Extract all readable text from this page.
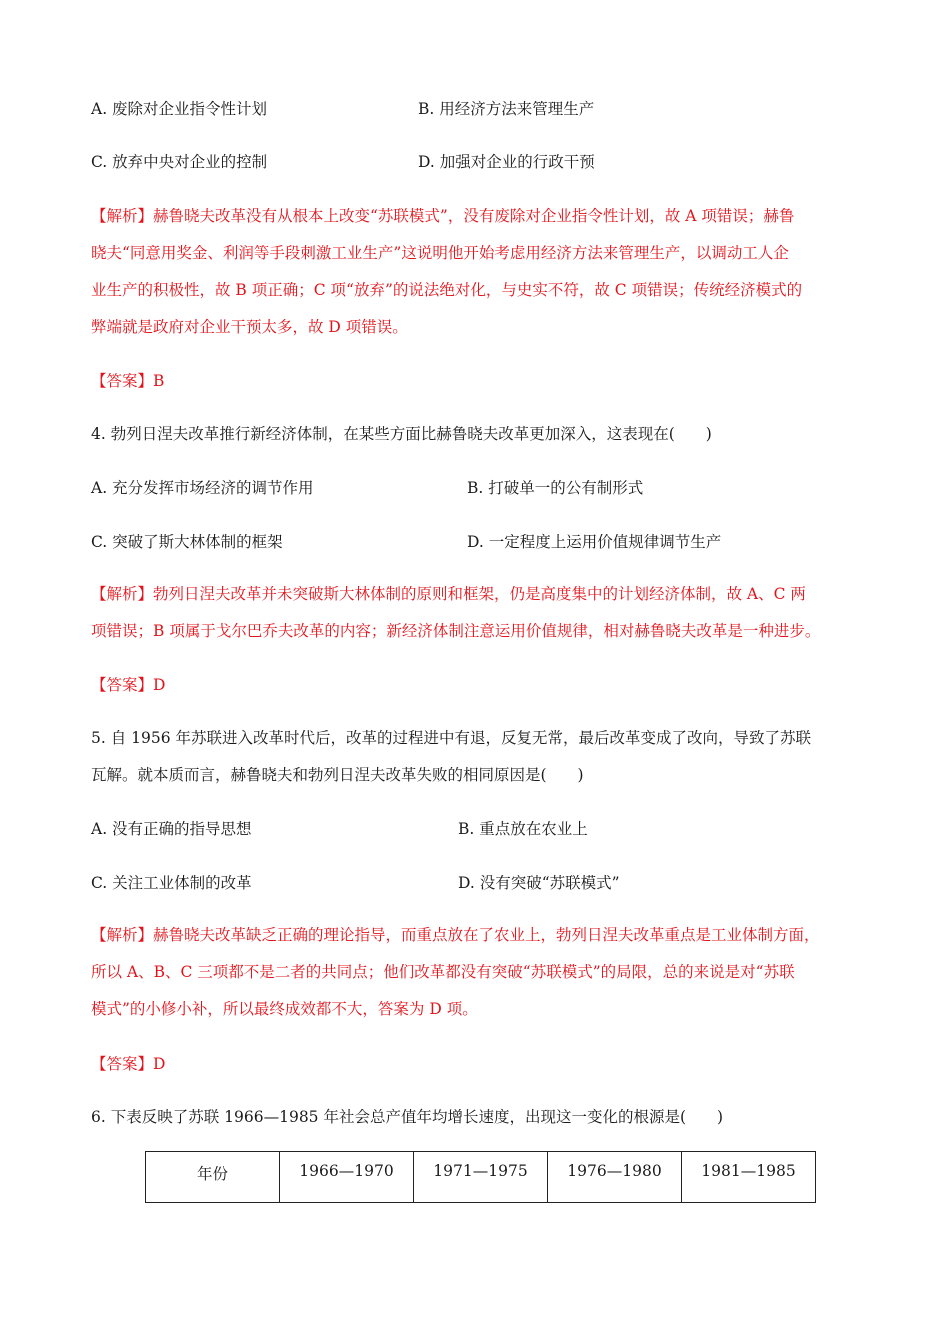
A. 废除对企业指令性计划	B. 用经济方法来管理生产
C. 放弃中央对企业的控制	D. 加强对企业的行政干预
【解析】赫鲁晓夫改革没有从根本上改变“苏联模式”，没有废除对企业指令性计划，故 A 项错误；赫鲁
晓夫“同意用奖金、利润等手段刺激工业生产”这说明他开始考虑用经济方法来管理生产，以调动工人企
业生产的积极性，故 B 项正确；C 项“放弃”的说法绝对化，与史实不符，故 C 项错误；传统经济模式的
弊端就是政府对企业干预太多，故 D 项错误。
【答案】B
4. 勃列日涅夫改革推行新经济体制，在某些方面比赫鲁晓夫改革更加深入，这表现在(　　)
A. 充分发挥市场经济的调节作用	B. 打破单一的公有制形式
C. 突破了斯大林体制的框架	D. 一定程度上运用价值规律调节生产
【解析】勃列日涅夫改革并未突破斯大林体制的原则和框架，仍是高度集中的计划经济体制，故 A、C 两
项错误；B 项属于戈尔巴乔夫改革的内容；新经济体制注意运用价值规律，相对赫鲁晓夫改革是一种进步。
【答案】D
5. 自 1956 年苏联进入改革时代后，改革的过程进中有退，反复无常，最后改革变成了改向，导致了苏联
瓦解。就本质而言，赫鲁晓夫和勃列日涅夫改革失败的相同原因是(　　)
A. 没有正确的指导思想	B. 重点放在农业上
C. 关注工业体制的改革	D. 没有突破“苏联模式”
【解析】赫鲁晓夫改革缺乏正确的理论指导，而重点放在了农业上，勃列日涅夫改革重点是工业体制方面，
所以 A、B、C 三项都不是二者的共同点；他们改革都没有突破“苏联模式”的局限，总的来说是对“苏联
模式”的小修小补，所以最终成效都不大，答案为 D 项。
【答案】D
6. 下表反映了苏联 1966—1985 年社会总产值年均增长速度，出现这一变化的根源是(　　)
年份	1966—1970	1971—1975	1976—1980	1981—1985
